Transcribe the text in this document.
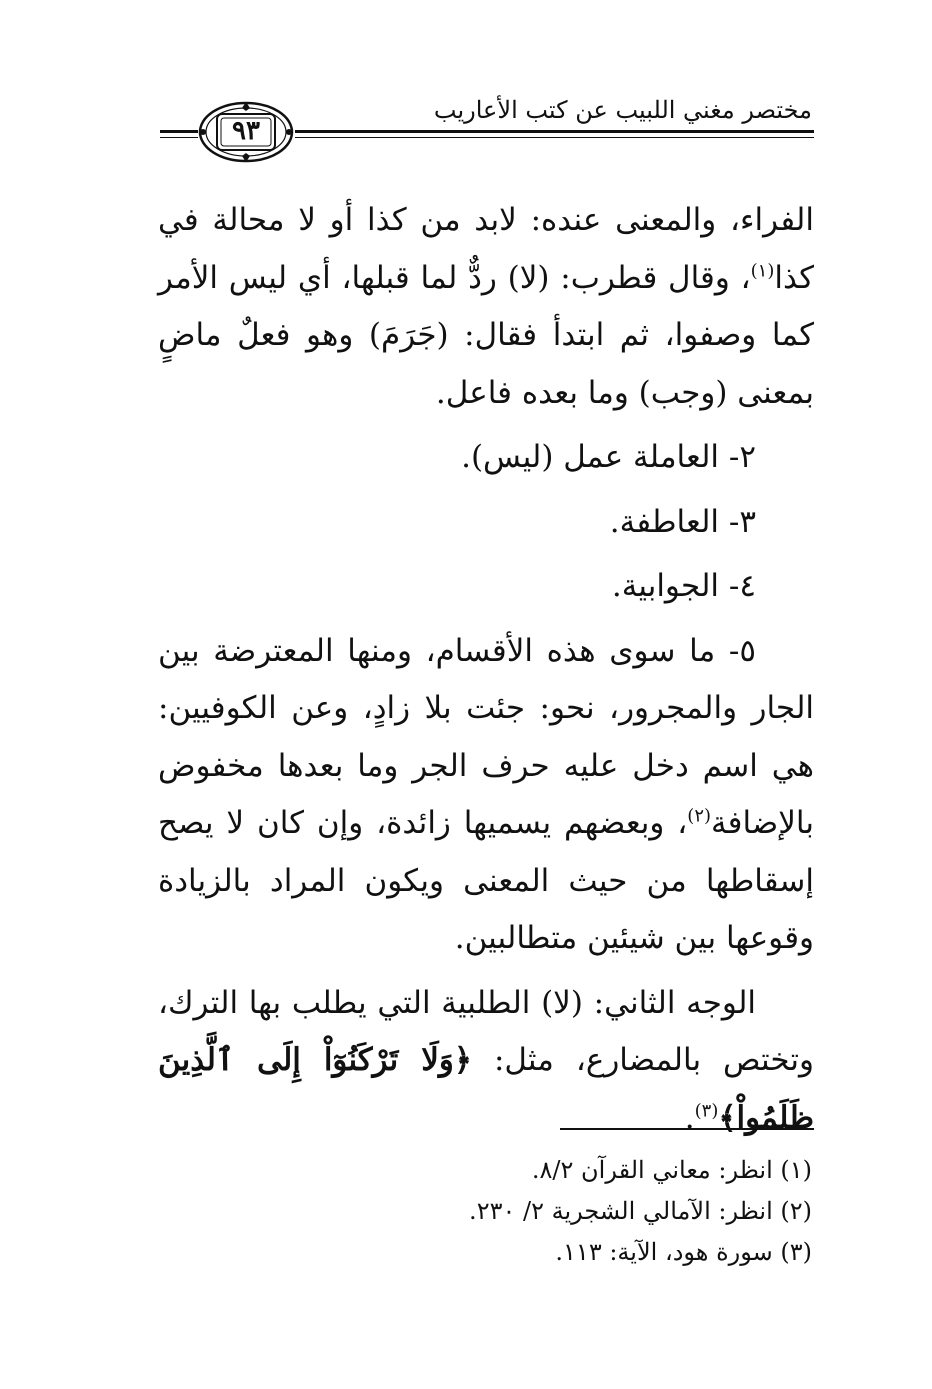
مختصر مغني اللبيب عن كتب الأعاريب
٩٣

الفراء، والمعنى عنده: لابد من كذا أو لا محالة في كذا$^{(١)}$، وقال قطرب: (لا) ردٌّ لما قبلها، أي ليس الأمر كما وصفوا، ثم ابتدأ فقال: (جَرَمَ) وهو فعلٌ ماضٍ بمعنى (وجب) وما بعده فاعل.

٢- العاملة عمل (ليس).

٣- العاطفة.

٤- الجوابية.

٥- ما سوى هذه الأقسام، ومنها المعترضة بين الجار والمجرور، نحو: جئت بلا زادٍ، وعن الكوفيين: هي اسم دخل عليه حرف الجر وما بعدها مخفوض بالإضافة$^{(٢)}$، وبعضهم يسميها زائدة، وإن كان لا يصح إسقاطها من حيث المعنى ويكون المراد بالزيادة وقوعها بين شيئين متطالبين.

الوجه الثاني: (لا) الطلبية التي يطلب بها الترك، وتختص بالمضارع، مثل: ﴿وَلَا تَرْكَنُوٓاْ إِلَى ٱلَّذِينَ ظَلَمُواْ﴾$^{(٣)}$.

(١) انظر: معاني القرآن ٨/٢.

(٢) انظر: الآمالي الشجرية ٢/ ٢٣٠.

(٣) سورة هود، الآية: ١١٣.
